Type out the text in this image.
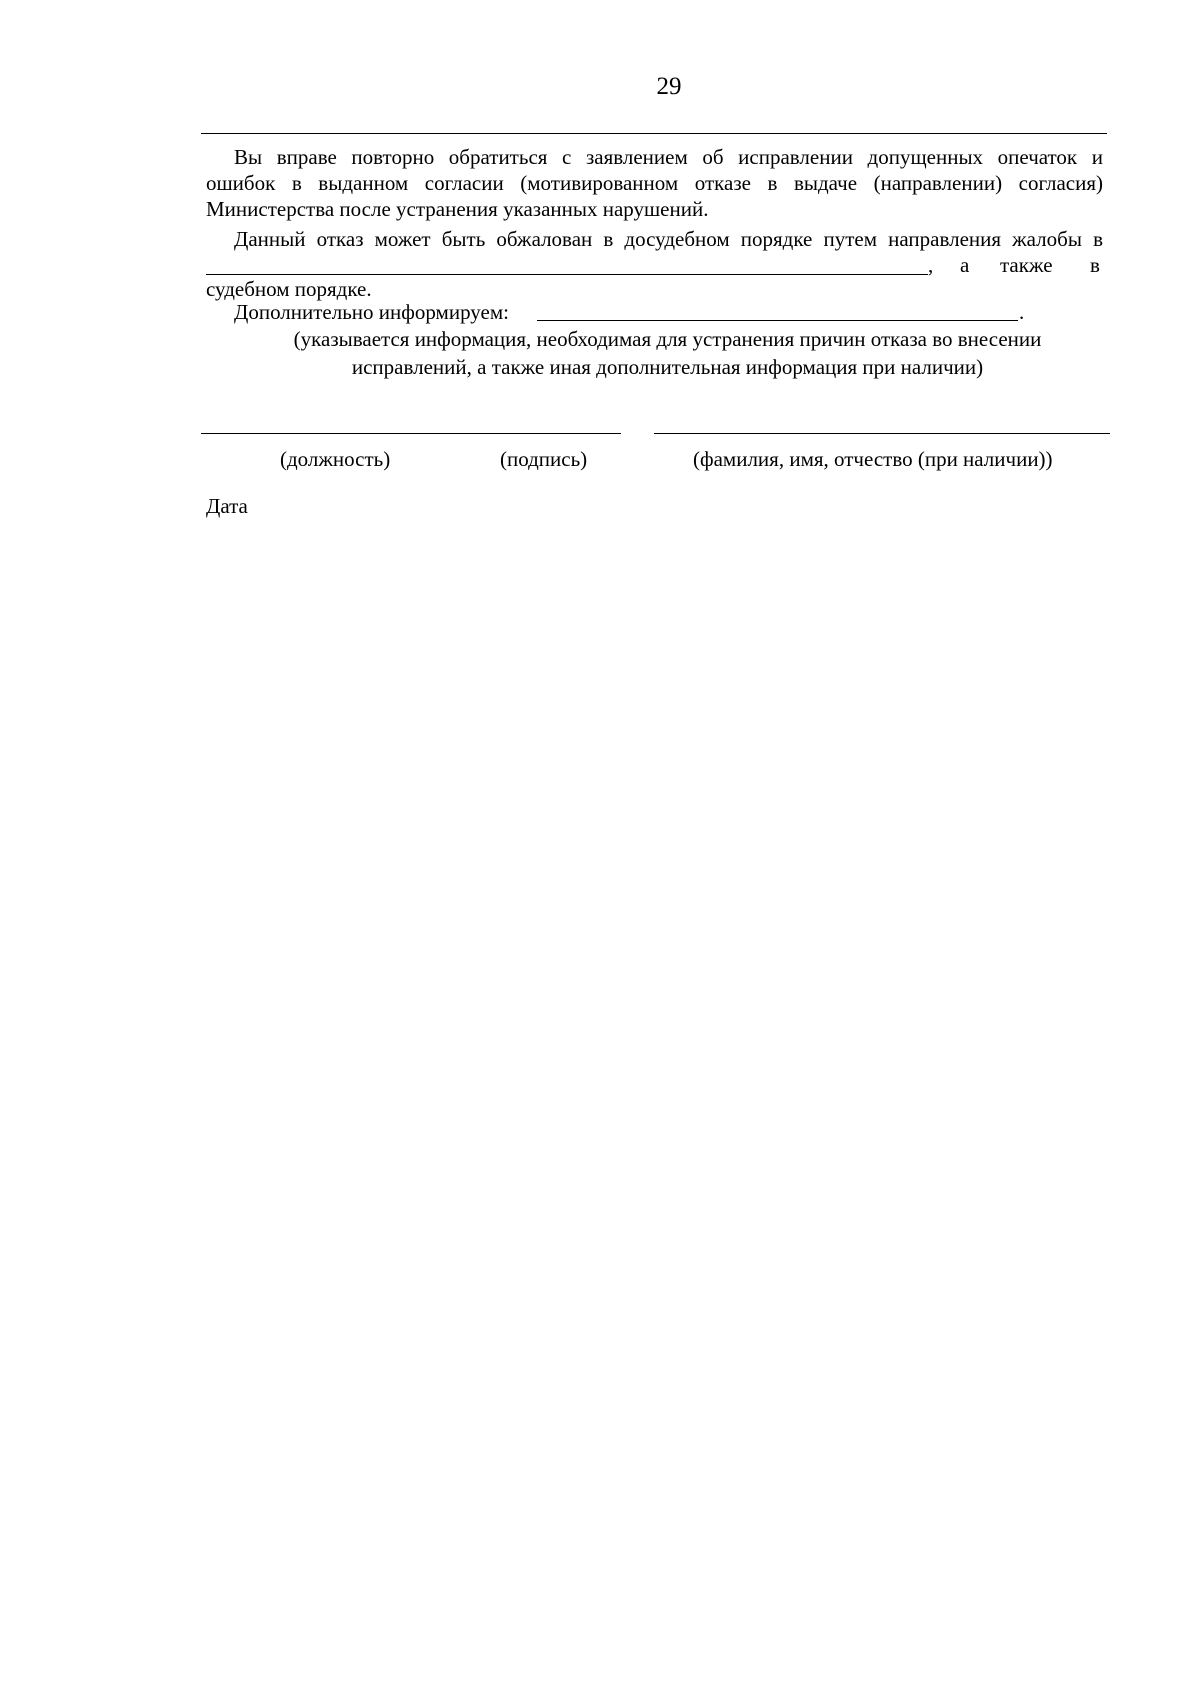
29
Вы вправе повторно обратиться с заявлением об исправлении допущенных опечаток и
ошибок в выданном согласии (мотивированном отказе в выдаче (направлении) согласия)
Министерства после устранения указанных нарушений.
Данный отказ может быть обжалован в досудебном порядке путем направления жалобы в
, а также в
судебном порядке.
Дополнительно информируем:	.
(указывается информация, необходимая для устранения причин отказа во внесении
исправлений, а также иная дополнительная информация при наличии)
(должность)	(подпись)	(фамилия, имя, отчество (при наличии))
Дата
